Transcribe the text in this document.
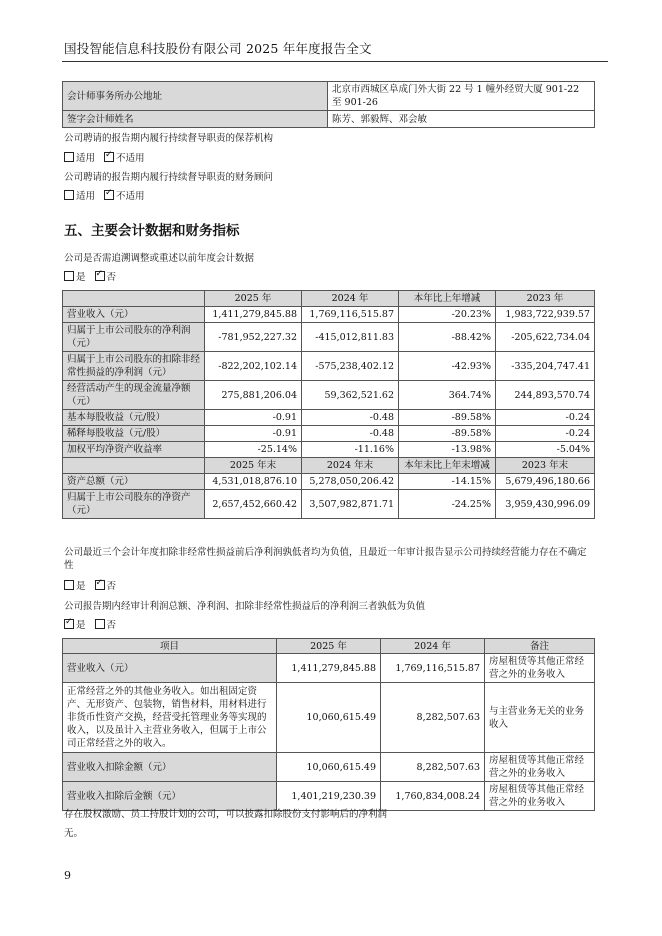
国投智能信息科技股份有限公司 2025 年年度报告全文
会计师事务所办公地址	北京市西城区阜成门外大街 22 号 1 幢外经贸大厦 901-22 至 901-26
签字会计师姓名	陈芳、郭毅辉、邓会敏
公司聘请的报告期内履行持续督导职责的保荐机构
适用 ✓ 不适用
公司聘请的报告期内履行持续督导职责的财务顾问
适用 ✓ 不适用
五、主要会计数据和财务指标
公司是否需追溯调整或重述以前年度会计数据
是 ✓ 否
	2025 年	2024 年	本年比上年增减	2023 年
营业收入（元）	1,411,279,845.88	1,769,116,515.87	-20.23%	1,983,722,939.57
归属于上市公司股东的净利润（元）	-781,952,227.32	-415,012,811.83	-88.42%	-205,622,734.04
归属于上市公司股东的扣除非经常性损益的净利润（元）	-822,202,102.14	-575,238,402.12	-42.93%	-335,204,747.41
经营活动产生的现金流量净额（元）	275,881,206.04	59,362,521.62	364.74%	244,893,570.74
基本每股收益（元/股）	-0.91	-0.48	-89.58%	-0.24
稀释每股收益（元/股）	-0.91	-0.48	-89.58%	-0.24
加权平均净资产收益率	-25.14%	-11.16%	-13.98%	-5.04%
	2025 年末	2024 年末	本年末比上年末增减	2023 年末
资产总额（元）	4,531,018,876.10	5,278,050,206.42	-14.15%	5,679,496,180.66
归属于上市公司股东的净资产（元）	2,657,452,660.42	3,507,982,871.71	-24.25%	3,959,430,996.09
公司最近三个会计年度扣除非经常性损益前后净利润孰低者均为负值，且最近一年审计报告显示公司持续经营能力存在不确定性
是 ✓ 否
公司报告期内经审计利润总额、净利润、扣除非经常性损益后的净利润三者孰低为负值
✓是 否
项目	2025 年	2024 年	备注
营业收入（元）	1,411,279,845.88	1,769,116,515.87	房屋租赁等其他正常经营之外的业务收入
正常经营之外的其他业务收入。如出租固定资产、无形资产、包装物，销售材料，用材料进行非货币性资产交换，经营受托管理业务等实现的收入，以及虽计入主营业务收入，但属于上市公司正常经营之外的收入。	10,060,615.49	8,282,507.63	与主营业务无关的业务收入
营业收入扣除金额（元）	10,060,615.49	8,282,507.63	房屋租赁等其他正常经营之外的业务收入
营业收入扣除后金额（元）	1,401,219,230.39	1,760,834,008.24	房屋租赁等其他正常经营之外的业务收入
存在股权激励、员工持股计划的公司，可以披露扣除股份支付影响后的净利润
无。
9
